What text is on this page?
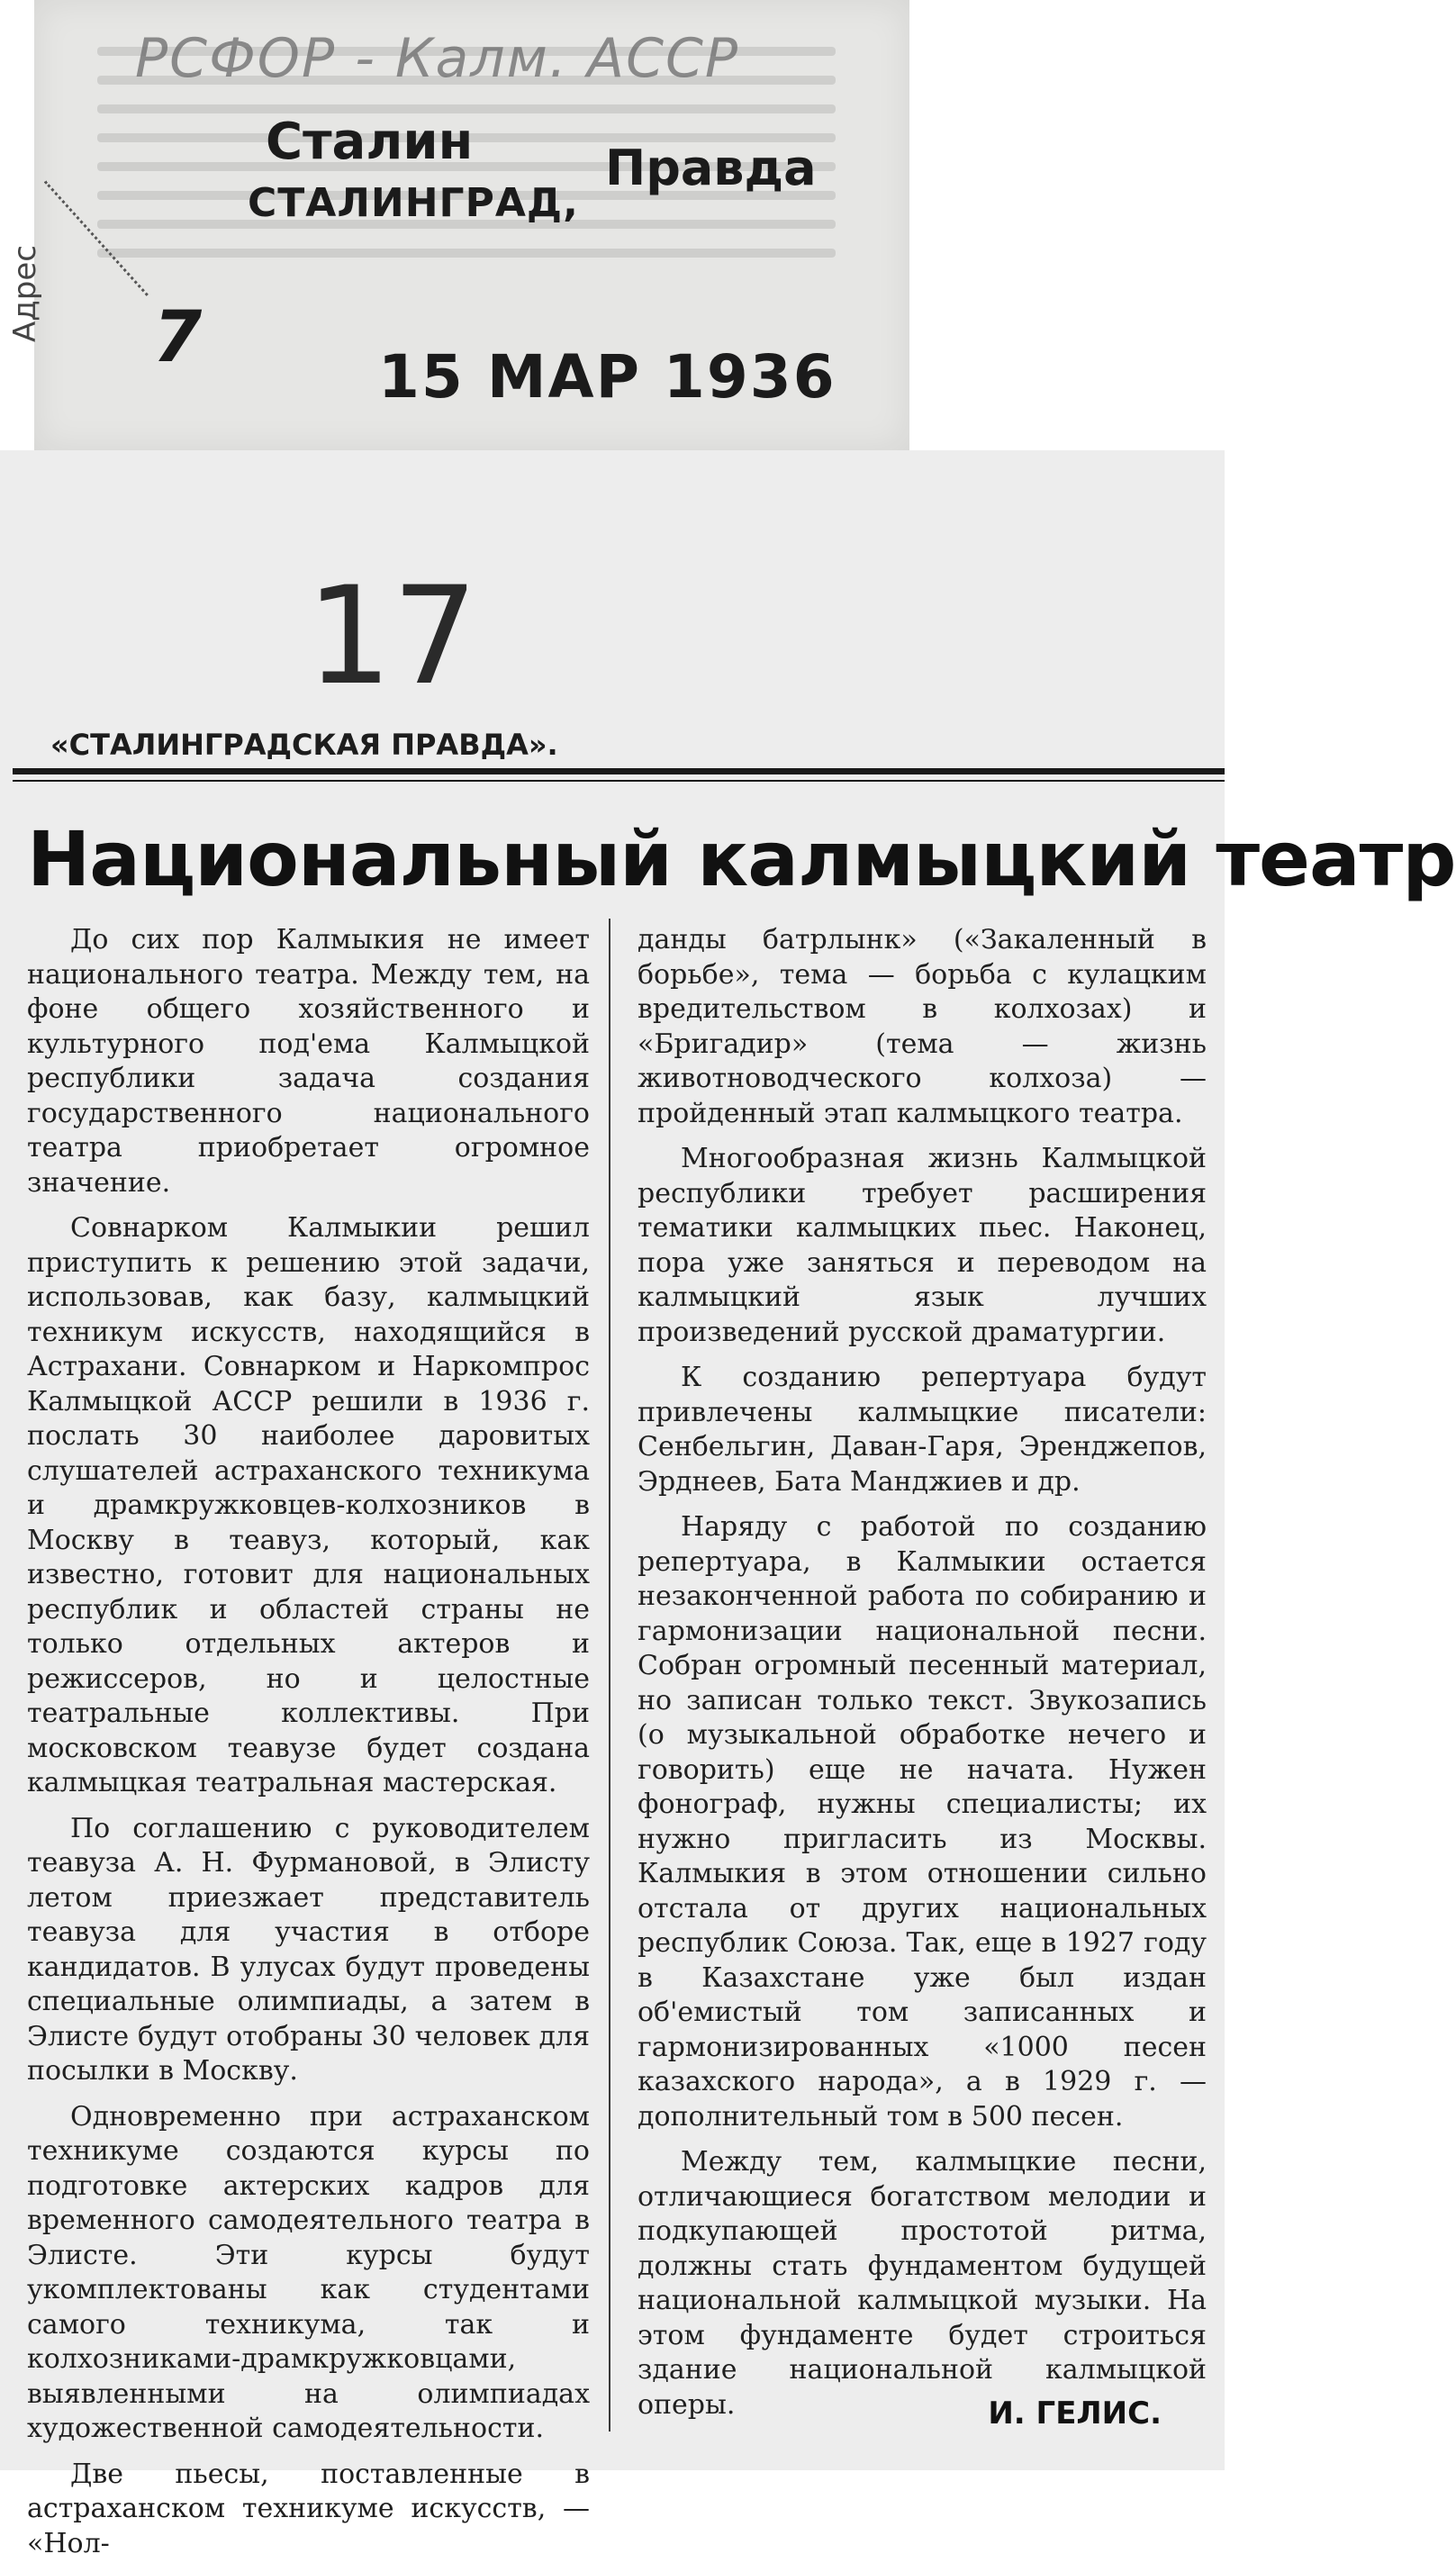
РСФОР - Калм. АССР
Сталин	Правда
СТАЛИНГРАД,
7	15 МАР 1936
Адрес
17
«СТАЛИНГРАДСКАЯ ПРАВДА».
Национальный калмыцкий театр

До сих пор Калмыкия не имеет национального театра. Между тем, на фоне общего хозяйственного и культурного под'ема Калмыцкой республики задача создания государственного национального театра приобретает огромное значение.

Совнарком Калмыкии решил приступить к решению этой задачи, использовав, как базу, калмыцкий техникум искусств, находящийся в Астрахани. Совнарком и Наркомпрос Калмыцкой АССР решили в 1936 г. послать 30 наиболее даровитых слушателей астраханского техникума и драмкружковцев-колхозников в Москву в теавуз, который, как известно, готовит для национальных республик и областей страны не только отдельных актеров и режиссеров, но и целостные театральные коллективы. При московском теавузе будет создана калмыцкая театральная мастерская.

По соглашению с руководителем теавуза А. Н. Фурмановой, в Элисту летом приезжает представитель теавуза для участия в отборе кандидатов. В улусах будут проведены специальные олимпиады, а затем в Элисте будут отобраны 30 человек для посылки в Москву.

Одновременно при астраханском техникуме создаются курсы по подготовке актерских кадров для временного самодеятельного театра в Элисте. Эти курсы будут укомплектованы как студентами самого техникума, так и колхозниками-драмкружковцами, выявленными на олимпиадах художественной самодеятельности.

Две пьесы, поставленные в астраханском техникуме искусств, — «Нол-

данды батрлынк» («Закаленный в борьбе», тема — борьба с кулацким вредительством в колхозах) и «Бригадир» (тема — жизнь животноводческого колхоза) — пройденный этап калмыцкого театра.

Многообразная жизнь Калмыцкой республики требует расширения тематики калмыцких пьес. Наконец, пора уже заняться и переводом на калмыцкий язык лучших произведений русской драматургии.

К созданию репертуара будут привлечены калмыцкие писатели: Сенбельгин, Даван-Гаря, Эренджепов, Эрднеев, Бата Манджиев и др.

Наряду с работой по созданию репертуара, в Калмыкии остается незаконченной работа по собиранию и гармонизации национальной песни. Собран огромный песенный материал, но записан только текст. Звукозапись (о музыкальной обработке нечего и говорить) еще не начата. Нужен фонограф, нужны специалисты; их нужно пригласить из Москвы. Калмыкия в этом отношении сильно отстала от других национальных республик Союза. Так, еще в 1927 году в Казахстане уже был издан об'емистый том записанных и гармонизированных «1000 песен казахского народа», а в 1929 г. — дополнительный том в 500 песен.

Между тем, калмыцкие песни, отличающиеся богатством мелодии и подкупающей простотой ритма, должны стать фундаментом будущей национальной калмыцкой музыки. На этом фундаменте будет строиться здание национальной калмыцкой оперы.	И. ГЕЛИС.
